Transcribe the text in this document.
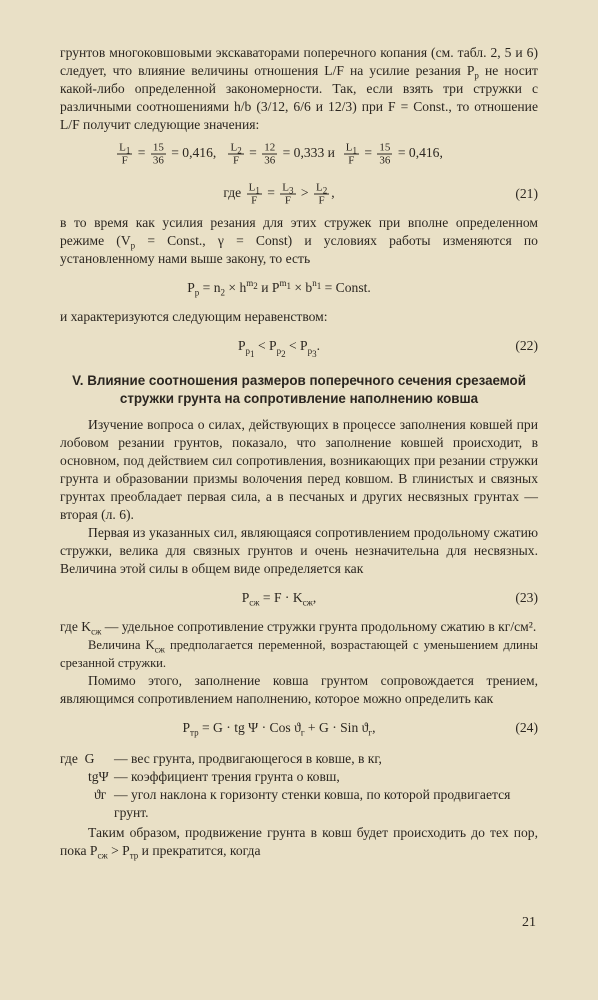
грунтов многоковшовыми экскаваторами поперечного копания (см. табл. 2, 5 и 6) следует, что влияние величины отношения L/F на усилие резания $P_р$ не носит какой-либо определенной закономерности. Так, если взять три стружки с различными соотношениями h/b (3/12, 6/6 и 12/3) при F = Const., то отношение L/F получит следующие значения:

$\frac{L_1}{F} = \frac{15}{36} = 0,416$, $\frac{L_2}{F} = \frac{12}{36} = 0,333$ и $\frac{L_1}{F} = \frac{15}{36} = 0,416$,
где $\frac{L_1}{F} = \frac{L_3}{F} > \frac{L_2}{F}$ ,	(21)

в то время как усилия резания для этих стружек при вполне определенном режиме ($V_р$ = Const., γ = Const) и условиях работы изменяются по установленному нами выше закону, то есть

$P_р = n_2 \times h^{m_2}$ и $P^{m_1} \times b^{n_1}$ = Const.

и характеризуются следующим неравенством:

$P_{p_1} < P_{p_2} < P_{p_3}$.	(22)
V. Влияние соотношения размеров поперечного сечения срезаемой стружки грунта на сопротивление наполнению ковша

Изучение вопроса о силах, действующих в процессе заполнения ковшей при лобовом резании грунтов, показало, что заполнение ковшей происходит, в основном, под действием сил сопротивления, возникающих при резании стружки грунта и образовании призмы волочения перед ковшом. В глинистых и связных грунтах преобладает первая сила, а в песчаных и других несвязных грунтах — вторая (л. 6).

Первая из указанных сил, являющаяся сопротивлением продольному сжатию стружки, велика для связных грунтов и очень незначительна для несвязных. Величина этой силы в общем виде определяется как

$P_{сж} = F \cdot K_{сж}$,	(23)

где $K_{сж}$ — удельное сопротивление стружки грунта продольному сжатию в кг/см².

Величина $K_{сж}$ предполагается переменной, возрастающей с уменьшением длины срезанной стружки.

Помимо этого, заполнение ковша грунтом сопровождается трением, являющимся сопротивлением наполнению, которое можно определить как

$P_{тр} = G$ · tg Ψ · Cos $ϑ_г + G$ · Sin $ϑ_г$,	(24)
где G	— вес грунта, продвигающегося в ковше, в кг,
tgΨ — коэффициент трения грунта о ковш,
ϑг — угол наклона к горизонту стенки ковша, по которой продвигается грунт.

Таким образом, продвижение грунта в ковш будет происходить до тех пор, пока $P_{сж} > P_{тр}$ и прекратится, когда

21
